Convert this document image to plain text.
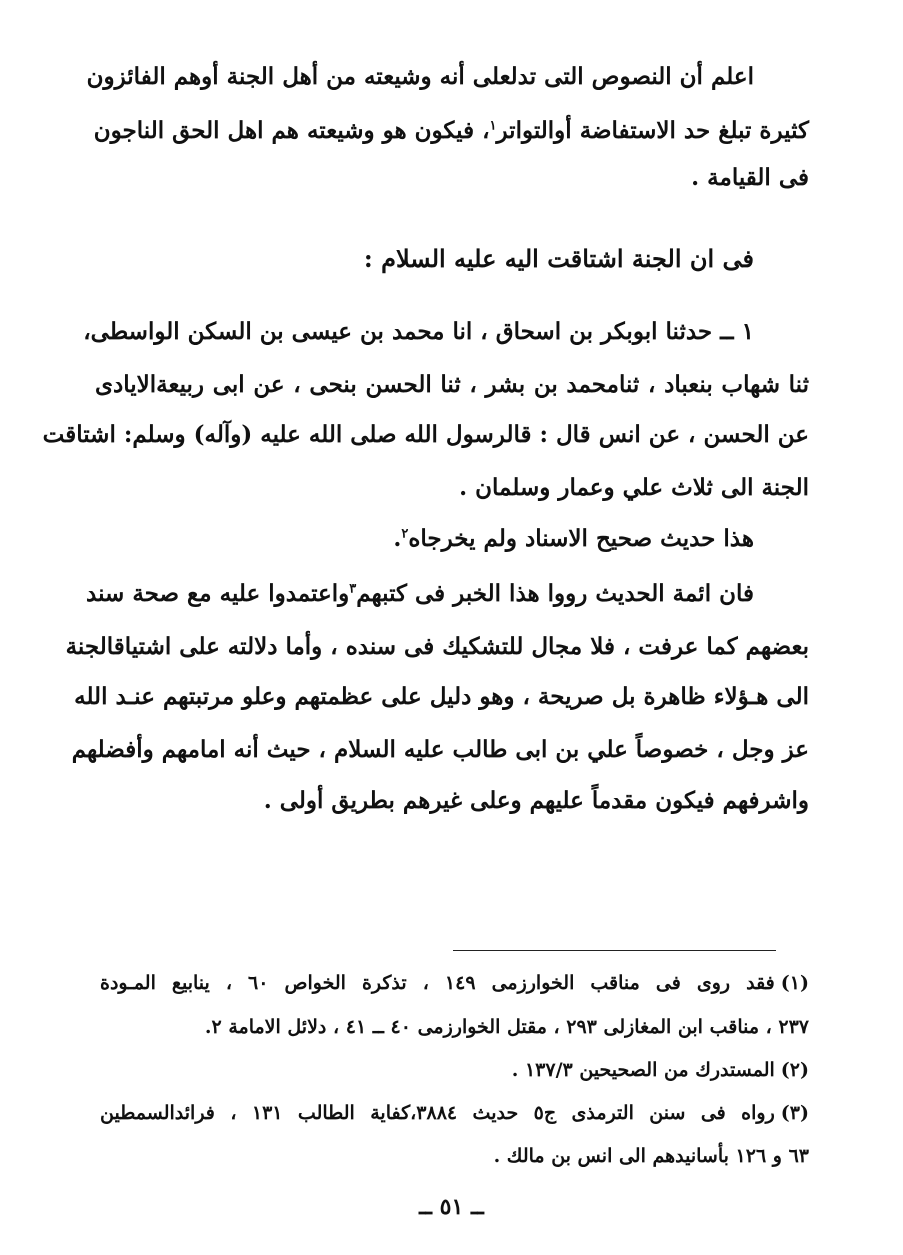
اعلم أن النصوص التى تدلعلى أنه وشيعته من أهل الجنة أوهم الفائزون
كثيرة تبلغ حد الاستفاضة أوالتواتر$^١$، فيكون هو وشيعته هم اهل الحق الناجون
فى القيامة .
فى ان الجنة اشتاقت اليه عليه السلام :
١ ــ حدثنا ابوبكر بن اسحاق ، انا محمد بن عيسى بن السكن الواسطى،
ثنا شهاب بنعباد ، ثنامحمد بن بشر ، ثنا الحسن بنحى ، عن ابى ربيعةالايادى
عن الحسن ، عن انس قال : قالرسول الله صلى الله عليه (وآله) وسلم: اشتاقت
الجنة الى ثلاث علي وعمار وسلمان .
هذا حديث صحيح الاسناد ولم يخرجاه$^٢$.
فان ائمة الحديث رووا هذا الخبر فى كتبهم$^٣$واعتمدوا عليه مع صحة سند
بعضهم كما عرفت ، فلا مجال للتشكيك فى سنده ، وأما دلالته على اشتياقالجنة
الى هـؤلاء ظاهرة بل صريحة ، وهو دليل على عظمتهم وعلو مرتبتهم عنـد الله
عز وجل ، خصوصاً علي بن ابى طالب عليه السلام ، حيث أنه امامهم وأفضلهم
واشرفهم فيكون مقدماً عليهم وعلى غيرهم بطريق أولى .
(١)فقد روى فى مناقب الخوارزمى ١٤٩ ، تذكرة الخواص ٦٠ ، ينابيع المـودة
٢٣٧ ، مناقب ابن المغازلى ٢٩٣ ، مقتل الخوارزمى ٤٠ ــ ٤١ ، دلائل الامامة ٢.
(٢)المستدرك من الصحيحين ١٣٧/٣ .
(٣)رواه فى سنن الترمذى ج٥ حديث ٣٨٨٤،كفاية الطالب ١٣١ ، فرائدالسمطين
٦٣ و ١٢٦ بأسانيدهم الى انس بن مالك .
ــ ٥١ ــ
